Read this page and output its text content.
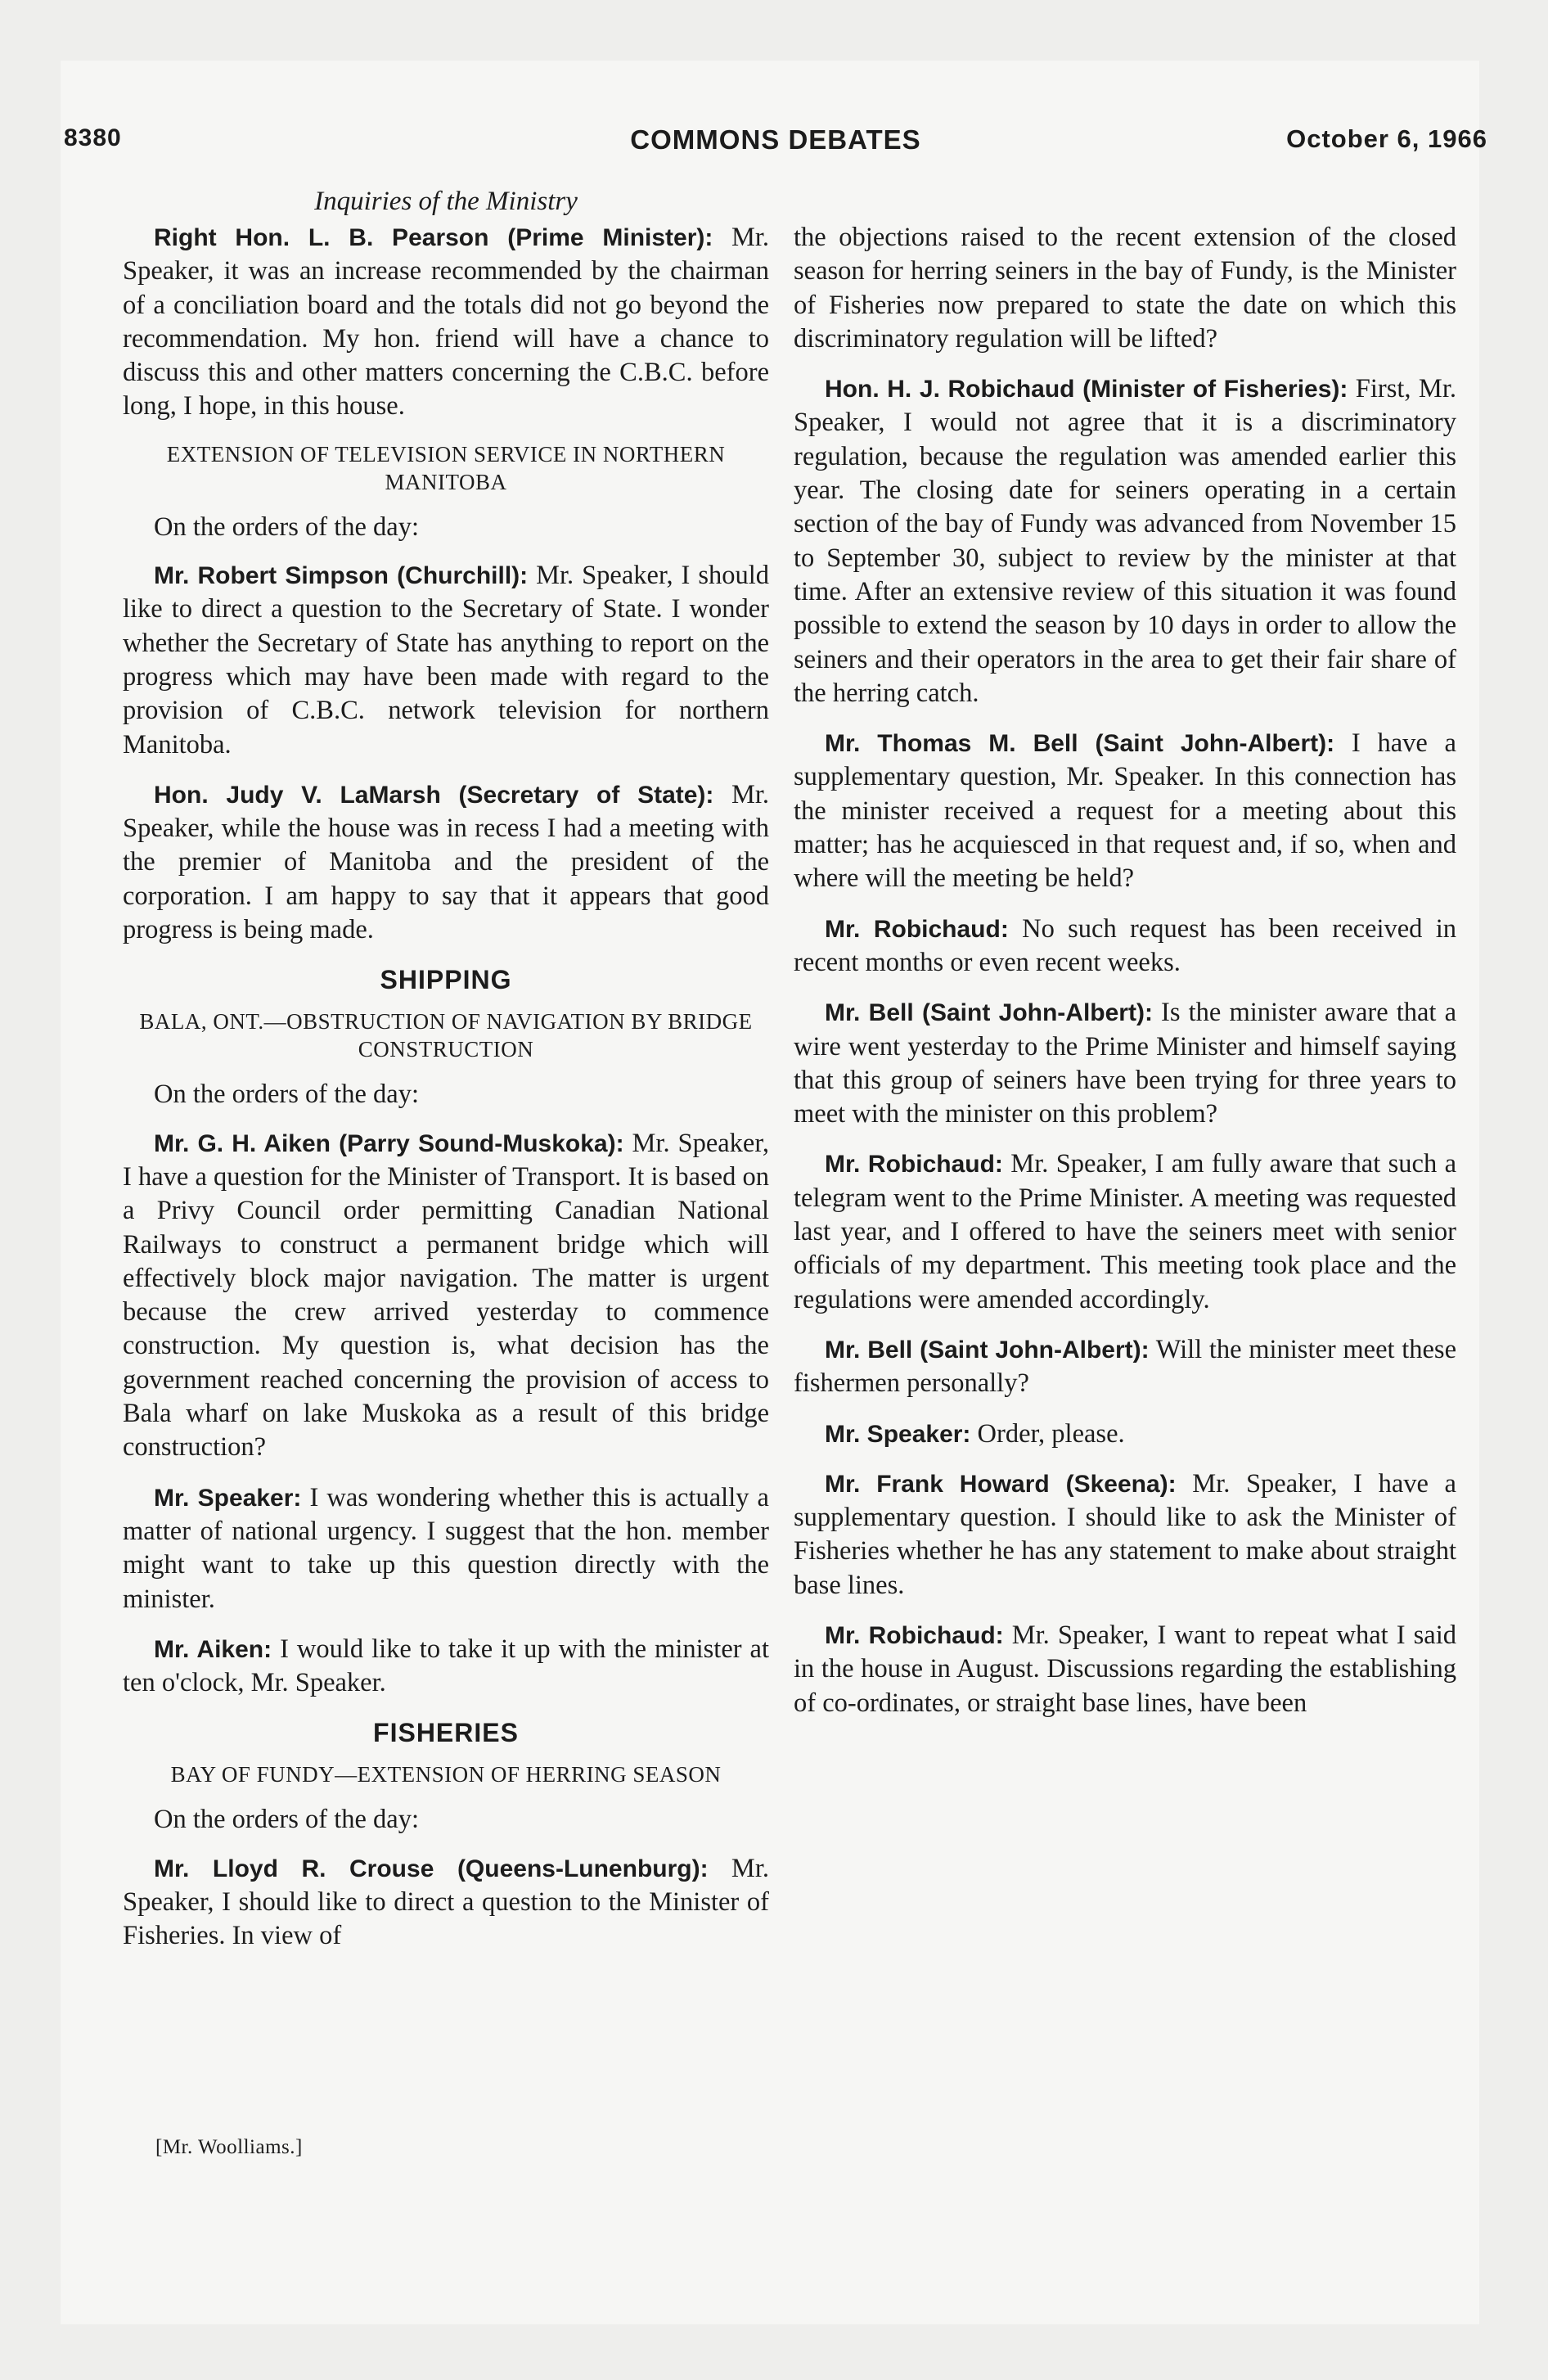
8380	COMMONS DEBATES	October 6, 1966
Inquiries of the Ministry

Right Hon. L. B. Pearson (Prime Minister): Mr. Speaker, it was an increase recommended by the chairman of a conciliation board and the totals did not go beyond the recommendation. My hon. friend will have a chance to discuss this and other matters concerning the C.B.C. before long, I hope, in this house.

EXTENSION OF TELEVISION SERVICE IN NORTHERN MANITOBA

On the orders of the day:

Mr. Robert Simpson (Churchill): Mr. Speaker, I should like to direct a question to the Secretary of State. I wonder whether the Secretary of State has anything to report on the progress which may have been made with regard to the provision of C.B.C. network television for northern Manitoba.

Hon. Judy V. LaMarsh (Secretary of State): Mr. Speaker, while the house was in recess I had a meeting with the premier of Manitoba and the president of the corporation. I am happy to say that it appears that good progress is being made.

SHIPPING
BALA, ONT.—OBSTRUCTION OF NAVIGATION BY BRIDGE CONSTRUCTION

On the orders of the day:

Mr. G. H. Aiken (Parry Sound-Muskoka): Mr. Speaker, I have a question for the Minister of Transport. It is based on a Privy Council order permitting Canadian National Railways to construct a permanent bridge which will effectively block major navigation. The matter is urgent because the crew arrived yesterday to commence construction. My question is, what decision has the government reached concerning the provision of access to Bala wharf on lake Muskoka as a result of this bridge construction?

Mr. Speaker: I was wondering whether this is actually a matter of national urgency. I suggest that the hon. member might want to take up this question directly with the minister.

Mr. Aiken: I would like to take it up with the minister at ten o'clock, Mr. Speaker.

FISHERIES
BAY OF FUNDY—EXTENSION OF HERRING SEASON

On the orders of the day:

Mr. Lloyd R. Crouse (Queens-Lunenburg): Mr. Speaker, I should like to direct a question to the Minister of Fisheries. In view of

[Mr. Woolliams.]

the objections raised to the recent extension of the closed season for herring seiners in the bay of Fundy, is the Minister of Fisheries now prepared to state the date on which this discriminatory regulation will be lifted?

Hon. H. J. Robichaud (Minister of Fisheries): First, Mr. Speaker, I would not agree that it is a discriminatory regulation, because the regulation was amended earlier this year. The closing date for seiners operating in a certain section of the bay of Fundy was advanced from November 15 to September 30, subject to review by the minister at that time. After an extensive review of this situation it was found possible to extend the season by 10 days in order to allow the seiners and their operators in the area to get their fair share of the herring catch.

Mr. Thomas M. Bell (Saint John-Albert): I have a supplementary question, Mr. Speaker. In this connection has the minister received a request for a meeting about this matter; has he acquiesced in that request and, if so, when and where will the meeting be held?

Mr. Robichaud: No such request has been received in recent months or even recent weeks.

Mr. Bell (Saint John-Albert): Is the minister aware that a wire went yesterday to the Prime Minister and himself saying that this group of seiners have been trying for three years to meet with the minister on this problem?

Mr. Robichaud: Mr. Speaker, I am fully aware that such a telegram went to the Prime Minister. A meeting was requested last year, and I offered to have the seiners meet with senior officials of my department. This meeting took place and the regulations were amended accordingly.

Mr. Bell (Saint John-Albert): Will the minister meet these fishermen personally?

Mr. Speaker: Order, please.

Mr. Frank Howard (Skeena): Mr. Speaker, I have a supplementary question. I should like to ask the Minister of Fisheries whether he has any statement to make about straight base lines.

Mr. Robichaud: Mr. Speaker, I want to repeat what I said in the house in August. Discussions regarding the establishing of co-ordinates, or straight base lines, have been
